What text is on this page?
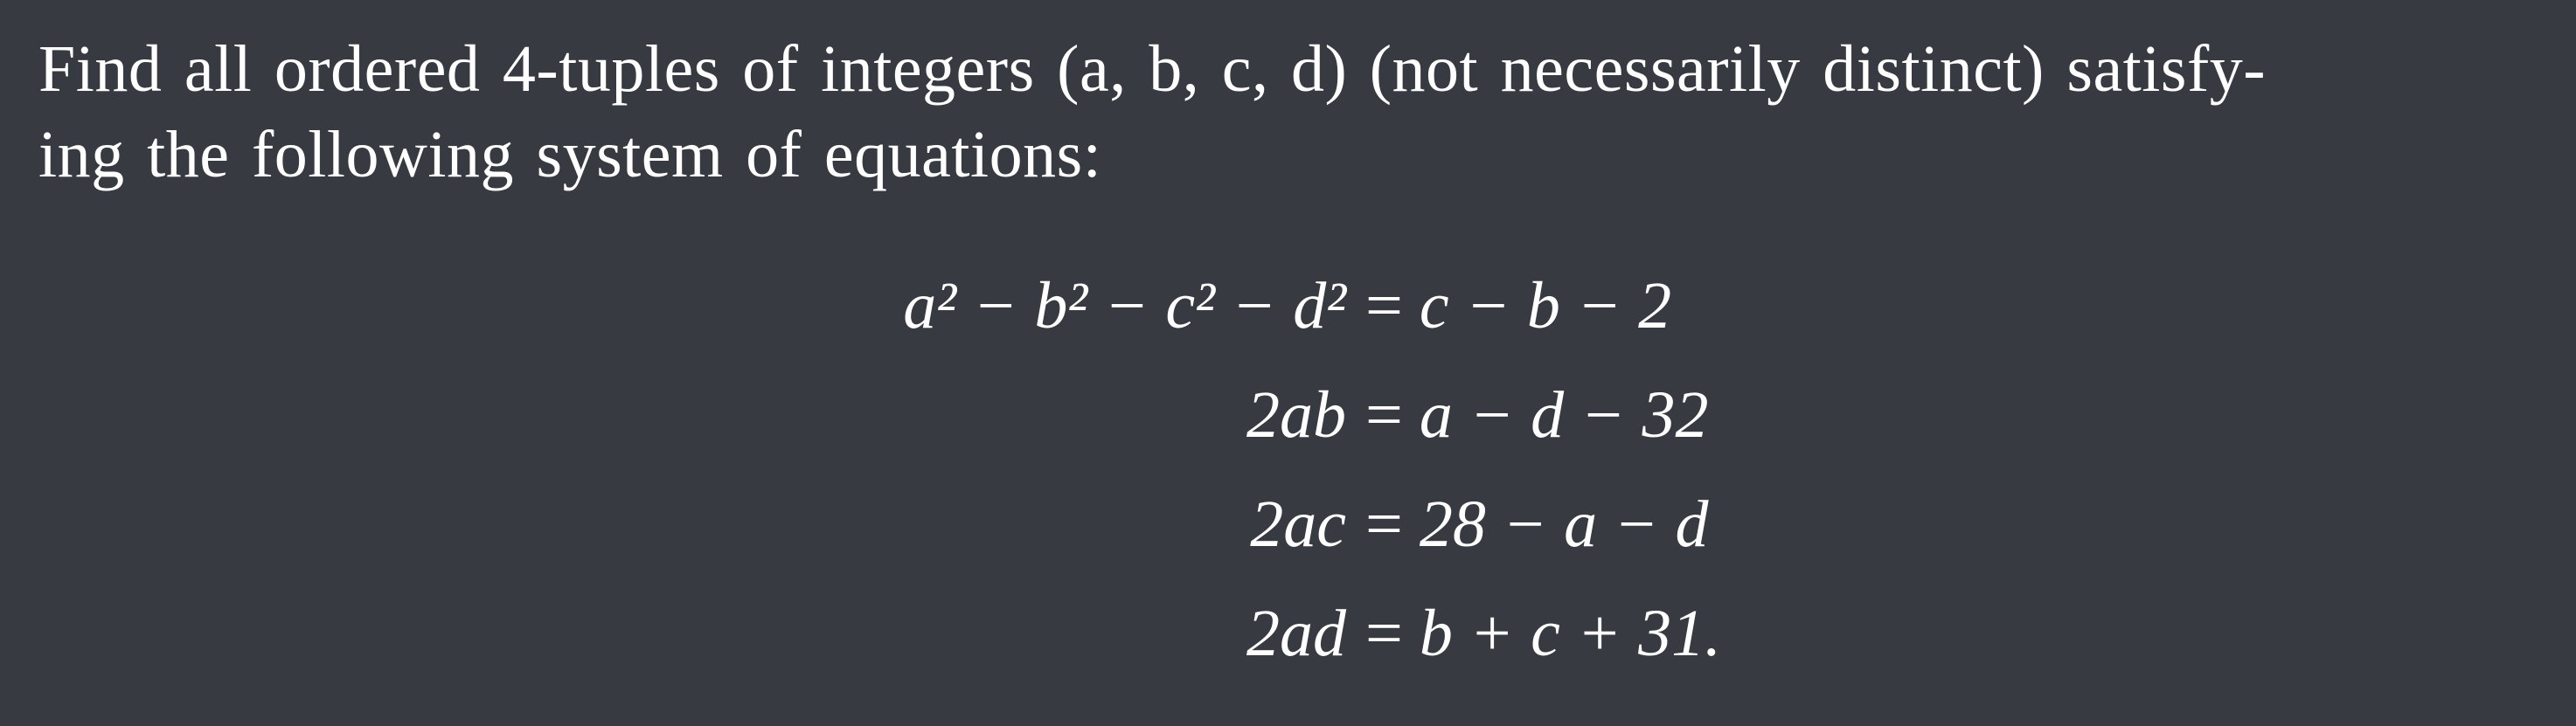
Find all ordered 4-tuples of integers (a, b, c, d) (not necessarily distinct) satisfy-
ing the following system of equations:
a² − b² − c² − d² = c − b − 2
2ab = a − d − 32
2ac = 28 − a − d
2ad = b + c + 31.
